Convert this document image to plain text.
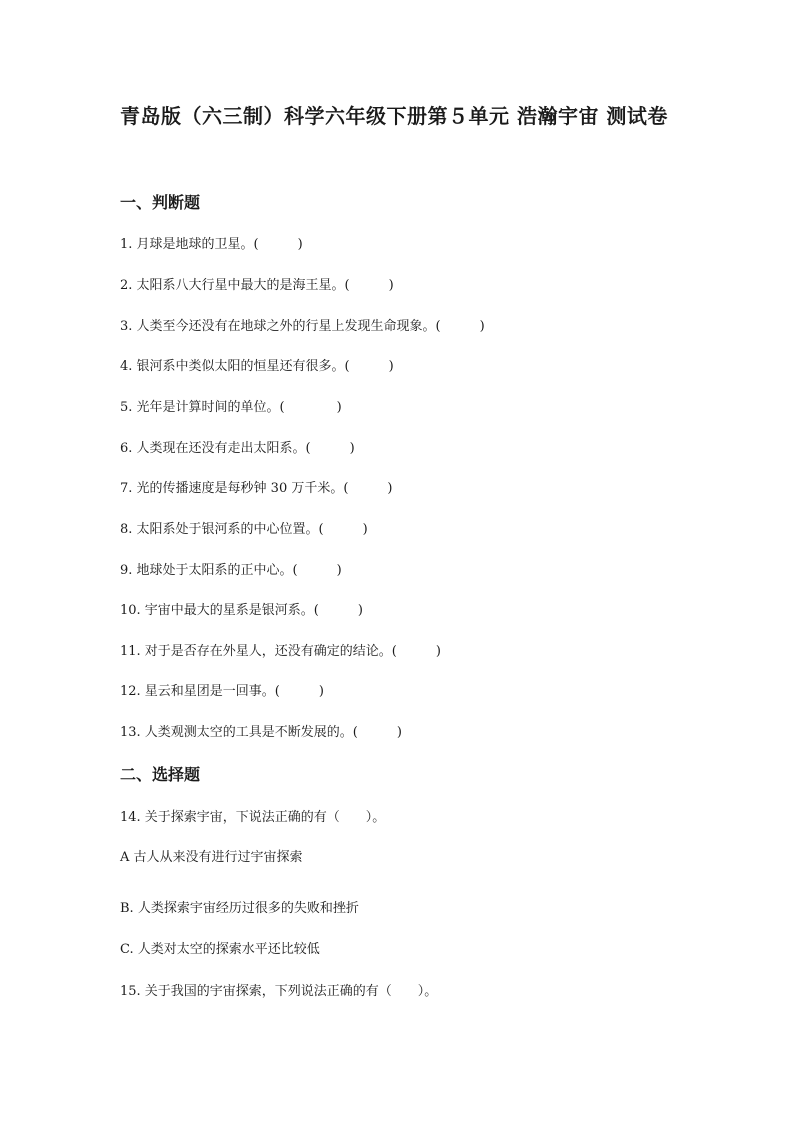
青岛版（六三制）科学六年级下册第５单元 浩瀚宇宙 测试卷
一、判断题
1. 月球是地球的卫星。(　　　)
2. 太阳系八大行星中最大的是海王星。(　　　)
3. 人类至今还没有在地球之外的行星上发现生命现象。(　　　)
4. 银河系中类似太阳的恒星还有很多。(　　　)
5. 光年是计算时间的单位。(　　　　)
6. 人类现在还没有走出太阳系。(　　　)
7. 光的传播速度是每秒钟 30 万千米。(　　　)
8. 太阳系处于银河系的中心位置。(　　　)
9. 地球处于太阳系的正中心。(　　　)
10. 宇宙中最大的星系是银河系。(　　　)
11. 对于是否存在外星人，还没有确定的结论。(　　　)
12. 星云和星团是一回事。(　　　)
13. 人类观测太空的工具是不断发展的。(　　　)
二、选择题
14. 关于探索宇宙，下说法正确的有（　　）。
A 古人从来没有进行过宇宙探索
B. 人类探索宇宙经历过很多的失败和挫折
C. 人类对太空的探索水平还比较低
15. 关于我国的宇宙探索，下列说法正确的有（　　）。
